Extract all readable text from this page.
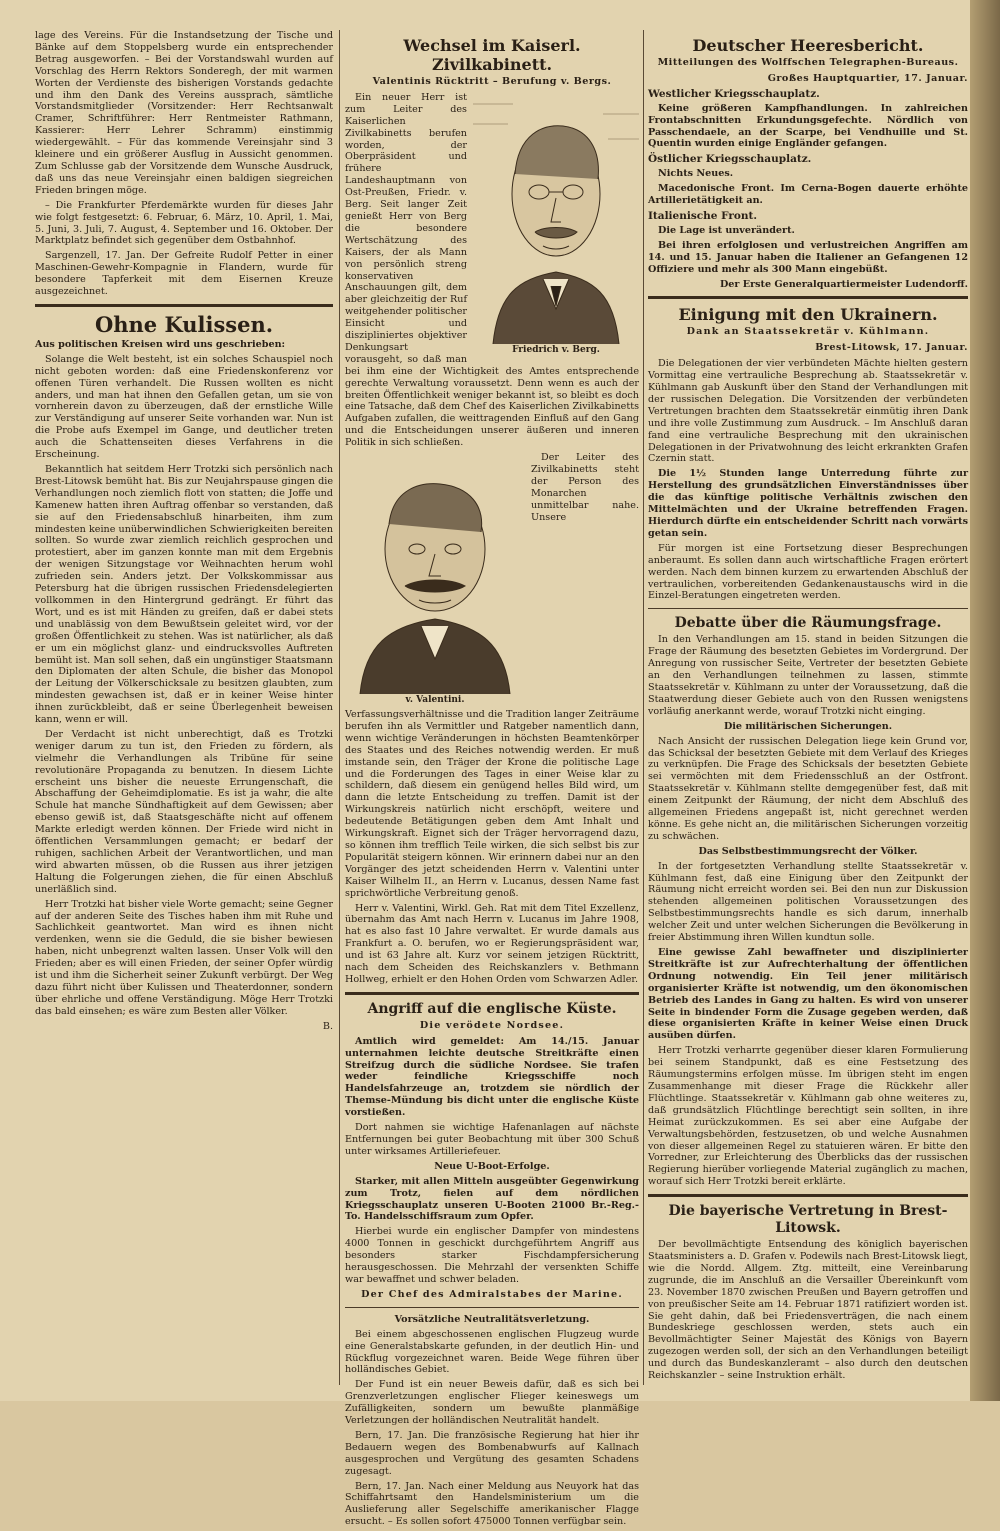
lage des Vereins. Für die Instandsetzung der Tische und Bänke auf dem Stoppelsberg wurde ein entsprechender Betrag ausgeworfen. – Bei der Vorstandswahl wurden auf Vorschlag des Herrn Rektors Sonderegh, der mit warmen Worten der Verdienste des bisherigen Vorstands gedachte und ihm den Dank des Vereins aussprach, sämtliche Vorstandsmitglieder (Vorsitzender: Herr Rechtsanwalt Cramer, Schriftführer: Herr Rentmeister Rathmann, Kassierer: Herr Lehrer Schramm) einstimmig wiedergewählt. – Für das kommende Vereinsjahr sind 3 kleinere und ein größerer Ausflug in Aussicht genommen. Zum Schlusse gab der Vorsitzende dem Wunsche Ausdruck, daß uns das neue Vereinsjahr einen baldigen siegreichen Frieden bringen möge.

– Die Frankfurter Pferdemärkte wurden für dieses Jahr wie folgt festgesetzt: 6. Februar, 6. März, 10. April, 1. Mai, 5. Juni, 3. Juli, 7. August, 4. September und 16. Oktober. Der Marktplatz befindet sich gegenüber dem Ostbahnhof.

Sargenzell, 17. Jan. Der Gefreite Rudolf Petter in einer Maschinen-Gewehr-Kompagnie in Flandern, wurde für besondere Tapferkeit mit dem Eisernen Kreuze ausgezeichnet.

Ohne Kulissen.

Aus politischen Kreisen wird uns geschrieben:

Solange die Welt besteht, ist ein solches Schauspiel noch nicht geboten worden: daß eine Friedenskonferenz vor offenen Türen verhandelt. Die Russen wollten es nicht anders, und man hat ihnen den Gefallen getan, um sie von vornherein davon zu überzeugen, daß der ernstliche Wille zur Verständigung auf unserer Seite vorhanden war. Nun ist die Probe aufs Exempel im Gange, und deutlicher treten auch die Schattenseiten dieses Verfahrens in die Erscheinung.

Bekanntlich hat seitdem Herr Trotzki sich persönlich nach Brest-Litowsk bemüht hat. Bis zur Neujahrspause gingen die Verhandlungen noch ziemlich flott von statten; die Joffe und Kamenew hatten ihren Auftrag offenbar so verstanden, daß sie auf den Friedensabschluß hinarbeiten, ihm zum mindesten keine unüberwindlichen Schwierigkeiten bereiten sollten. So wurde zwar ziemlich reichlich gesprochen und protestiert, aber im ganzen konnte man mit dem Ergebnis der wenigen Sitzungstage vor Weihnachten herum wohl zufrieden sein. Anders jetzt. Der Volkskommissar aus Petersburg hat die übrigen russischen Friedensdelegierten vollkommen in den Hintergrund gedrängt. Er führt das Wort, und es ist mit Händen zu greifen, daß er dabei stets und unablässig von dem Bewußtsein geleitet wird, vor der großen Öffentlichkeit zu stehen. Was ist natürlicher, als daß er um ein möglichst glanz- und eindrucksvolles Auftreten bemüht ist. Man soll sehen, daß ein ungünstiger Staatsmann den Diplomaten der alten Schule, die bisher das Monopol der Leitung der Völkerschicksale zu besitzen glaubten, zum mindesten gewachsen ist, daß er in keiner Weise hinter ihnen zurückbleibt, daß er seine Überlegenheit beweisen kann, wenn er will.

Der Verdacht ist nicht unberechtigt, daß es Trotzki weniger darum zu tun ist, den Frieden zu fördern, als vielmehr die Verhandlungen als Tribüne für seine revolutionäre Propaganda zu benutzen. In diesem Lichte erscheint uns bisher die neueste Errungenschaft, die Abschaffung der Geheimdiplomatie. Es ist ja wahr, die alte Schule hat manche Sündhaftigkeit auf dem Gewissen; aber ebenso gewiß ist, daß Staatsgeschäfte nicht auf offenem Markte erledigt werden können. Der Friede wird nicht in öffentlichen Versammlungen gemacht; er bedarf der ruhigen, sachlichen Arbeit der Verantwortlichen, und man wird abwarten müssen, ob die Russen aus ihrer jetzigen Haltung die Folgerungen ziehen, die für einen Abschluß unerläßlich sind.

Herr Trotzki hat bisher viele Worte gemacht; seine Gegner auf der anderen Seite des Tisches haben ihm mit Ruhe und Sachlichkeit geantwortet. Man wird es ihnen nicht verdenken, wenn sie die Geduld, die sie bisher bewiesen haben, nicht unbegrenzt walten lassen. Unser Volk will den Frieden; aber es will einen Frieden, der seiner Opfer würdig ist und ihm die Sicherheit seiner Zukunft verbürgt. Der Weg dazu führt nicht über Kulissen und Theaterdonner, sondern über ehrliche und offene Verständigung. Möge Herr Trotzki das bald einsehen; es wäre zum Besten aller Völker.

B.
Wechsel im Kaiserl. Zivilkabinett.
Valentinis Rücktritt – Berufung v. Bergs.
Friedrich v. Berg.

Ein neuer Herr ist zum Leiter des Kaiserlichen Zivilkabinetts berufen worden, der Oberpräsident und frühere Landeshauptmann von Ost-Preußen, Friedr. v. Berg. Seit langer Zeit genießt Herr von Berg die besondere Wertschätzung des Kaisers, der als Mann von persönlich streng konservativen Anschauungen gilt, dem aber gleichzeitig der Ruf weitgehender politischer Einsicht und diszipliniertes objektiver Denkungsart vorausgeht, so daß man bei ihm eine der Wichtigkeit des Amtes entsprechende gerechte Verwaltung voraussetzt. Denn wenn es auch der breiten Öffentlichkeit weniger bekannt ist, so bleibt es doch eine Tatsache, daß dem Chef des Kaiserlichen Zivilkabinetts Aufgaben zufallen, die weittragenden Einfluß auf den Gang und die Entscheidungen unserer äußeren und inneren Politik in sich schließen.

v. Valentini.

Der Leiter des Zivilkabinetts steht der Person des Monarchen unmittelbar nahe. Unsere Verfassungsverhältnisse und die Tradition langer Zeiträume berufen ihn als Vermittler und Ratgeber namentlich dann, wenn wichtige Veränderungen in höchsten Beamtenkörper des Staates und des Reiches notwendig werden. Er muß imstande sein, den Träger der Krone die politische Lage und die Forderungen des Tages in einer Weise klar zu schildern, daß diesem ein genügend helles Bild wird, um dann die letzte Entscheidung zu treffen. Damit ist der Wirkungskreis natürlich nicht erschöpft, weitere und bedeutende Betätigungen geben dem Amt Inhalt und Wirkungskraft. Eignet sich der Träger hervorragend dazu, so können ihm trefflich Teile wirken, die sich selbst bis zur Popularität steigern können. Wir erinnern dabei nur an den Vorgänger des jetzt scheidenden Herrn v. Valentini unter Kaiser Wilhelm II., an Herrn v. Lucanus, dessen Name fast sprichwörtliche Verbreitung genoß.

Herr v. Valentini, Wirkl. Geh. Rat mit dem Titel Exzellenz, übernahm das Amt nach Herrn v. Lucanus im Jahre 1908, hat es also fast 10 Jahre verwaltet. Er wurde damals aus Frankfurt a. O. berufen, wo er Regierungspräsident war, und ist 63 Jahre alt. Kurz vor seinem jetzigen Rücktritt, nach dem Scheiden des Reichskanzlers v. Bethmann Hollweg, erhielt er den Hohen Orden vom Schwarzen Adler.

Angriff auf die englische Küste.
Die verödete Nordsee.

Amtlich wird gemeldet: Am 14./15. Januar unternahmen leichte deutsche Streitkräfte einen Streifzug durch die südliche Nordsee. Sie trafen weder feindliche Kriegsschiffe noch Handelsfahrzeuge an, trotzdem sie nördlich der Themse-Mündung bis dicht unter die englische Küste vorstießen.

Dort nahmen sie wichtige Hafenanlagen auf nächste Entfernungen bei guter Beobachtung mit über 300 Schuß unter wirksames Artilleriefeuer.

Neue U-Boot-Erfolge.

Starker, mit allen Mitteln ausgeübter Gegenwirkung zum Trotz, fielen auf dem nördlichen Kriegsschauplatz unseren U-Booten 21000 Br.-Reg.-To. Handelsschiffsraum zum Opfer.

Hierbei wurde ein englischer Dampfer von mindestens 4000 Tonnen in geschickt durchgeführtem Angriff aus besonders starker Fischdampfersicherung herausgeschossen. Die Mehrzahl der versenkten Schiffe war bewaffnet und schwer beladen.

Der Chef des Admiralstabes der Marine.
Vorsätzliche Neutralitätsverletzung.

Bei einem abgeschossenen englischen Flugzeug wurde eine Generalstabskarte gefunden, in der deutlich Hin- und Rückflug vorgezeichnet waren. Beide Wege führen über holländisches Gebiet.

Der Fund ist ein neuer Beweis dafür, daß es sich bei Grenzverletzungen englischer Flieger keineswegs um Zufälligkeiten, sondern um bewußte planmäßige Verletzungen der holländischen Neutralität handelt.

Bern, 17. Jan. Die französische Regierung hat hier ihr Bedauern wegen des Bombenabwurfs auf Kallnach ausgesprochen und Vergütung des gesamten Schadens zugesagt.

Bern, 17. Jan. Nach einer Meldung aus Neuyork hat das Schiffahrtsamt den Handelsministerium um die Auslieferung aller Segelschiffe amerikanischer Flagge ersucht. – Es sollen sofort 475000 Tonnen verfügbar sein.

Deutscher Heeresbericht.
Mitteilungen des Wolffschen Telegraphen-Bureaus.
Großes Hauptquartier, 17. Januar.
Westlicher Kriegsschauplatz.

Keine größeren Kampfhandlungen. In zahlreichen Frontabschnitten Erkundungsgefechte. Nördlich von Passchendaele, an der Scarpe, bei Vendhuille und St. Quentin wurden einige Engländer gefangen.

Östlicher Kriegsschauplatz.

Nichts Neues.

Macedonische Front. Im Cerna-Bogen dauerte erhöhte Artillerietätigkeit an.

Italienische Front.

Die Lage ist unverändert.

Bei ihren erfolglosen und verlustreichen Angriffen am 14. und 15. Januar haben die Italiener an Gefangenen 12 Offiziere und mehr als 300 Mann eingebüßt.

Der Erste Generalquartiermeister Ludendorff.
Einigung mit den Ukrainern.
Dank an Staatssekretär v. Kühlmann.
Brest-Litowsk, 17. Januar.

Die Delegationen der vier verbündeten Mächte hielten gestern Vormittag eine vertrauliche Besprechung ab. Staatssekretär v. Kühlmann gab Auskunft über den Stand der Verhandlungen mit der russischen Delegation. Die Vorsitzenden der verbündeten Vertretungen brachten dem Staatssekretär einmütig ihren Dank und ihre volle Zustimmung zum Ausdruck. – Im Anschluß daran fand eine vertrauliche Besprechung mit den ukrainischen Delegationen in der Privatwohnung des leicht erkrankten Grafen Czernin statt.

Die 1½ Stunden lange Unterredung führte zur Herstellung des grundsätzlichen Einverständnisses über die das künftige politische Verhältnis zwischen den Mittelmächten und der Ukraine betreffenden Fragen. Hierdurch dürfte ein entscheidender Schritt nach vorwärts getan sein.

Für morgen ist eine Fortsetzung dieser Besprechungen anberaumt. Es sollen dann auch wirtschaftliche Fragen erörtert werden. Nach dem binnen kurzem zu erwartenden Abschluß der vertraulichen, vorbereitenden Gedankenaustauschs wird in die Einzel-Beratungen eingetreten werden.

Debatte über die Räumungsfrage.

In den Verhandlungen am 15. stand in beiden Sitzungen die Frage der Räumung des besetzten Gebietes im Vordergrund. Der Anregung von russischer Seite, Vertreter der besetzten Gebiete an den Verhandlungen teilnehmen zu lassen, stimmte Staatssekretär v. Kühlmann zu unter der Voraussetzung, daß die Staatwerdung dieser Gebiete auch von den Russen wenigstens vorläufig anerkannt werde, worauf Trotzki nicht einging.

Die militärischen Sicherungen.

Nach Ansicht der russischen Delegation liege kein Grund vor, das Schicksal der besetzten Gebiete mit dem Verlauf des Krieges zu verknüpfen. Die Frage des Schicksals der besetzten Gebiete sei vermöchten mit dem Friedensschluß an der Ostfront. Staatssekretär v. Kühlmann stellte demgegenüber fest, daß mit einem Zeitpunkt der Räumung, der nicht dem Abschluß des allgemeinen Friedens angepaßt ist, nicht gerechnet werden könne. Es gehe nicht an, die militärischen Sicherungen vorzeitig zu schwächen.

Das Selbstbestimmungsrecht der Völker.

In der fortgesetzten Verhandlung stellte Staatssekretär v. Kühlmann fest, daß eine Einigung über den Zeitpunkt der Räumung nicht erreicht worden sei. Bei den nun zur Diskussion stehenden allgemeinen politischen Voraussetzungen des Selbstbestimmungsrechts handle es sich darum, innerhalb welcher Zeit und unter welchen Sicherungen die Bevölkerung in freier Abstimmung ihren Willen kundtun solle.

Eine gewisse Zahl bewaffneter und disziplinierter Streitkräfte ist zur Aufrechterhaltung der öffentlichen Ordnung notwendig. Ein Teil jener militärisch organisierter Kräfte ist notwendig, um den ökonomischen Betrieb des Landes in Gang zu halten. Es wird von unserer Seite in bindender Form die Zusage gegeben werden, daß diese organisierten Kräfte in keiner Weise einen Druck ausüben dürfen.

Herr Trotzki verharrte gegenüber dieser klaren Formulierung bei seinem Standpunkt, daß es eine Festsetzung des Räumungstermins erfolgen müsse. Im übrigen steht im engen Zusammenhange mit dieser Frage die Rückkehr aller Flüchtlinge. Staatssekretär v. Kühlmann gab ohne weiteres zu, daß grundsätzlich Flüchtlinge berechtigt sein sollten, in ihre Heimat zurückzukommen. Es sei aber eine Aufgabe der Verwaltungsbehörden, festzusetzen, ob und welche Ausnahmen von dieser allgemeinen Regel zu statuieren wären. Er bitte den Vorredner, zur Erleichterung des Überblicks das der russischen Regierung hierüber vorliegende Material zugänglich zu machen, worauf sich Herr Trotzki bereit erklärte.

Die bayerische Vertretung in Brest-Litowsk.

Der bevollmächtigte Entsendung des königlich bayerischen Staatsministers a. D. Grafen v. Podewils nach Brest-Litowsk liegt, wie die Nordd. Allgem. Ztg. mitteilt, eine Vereinbarung zugrunde, die im Anschluß an die Versailler Übereinkunft vom 23. November 1870 zwischen Preußen und Bayern getroffen und von preußischer Seite am 14. Februar 1871 ratifiziert worden ist. Sie geht dahin, daß bei Friedensverträgen, die nach einem Bundeskriege geschlossen werden, stets auch ein Bevollmächtigter Seiner Majestät des Königs von Bayern zugezogen werden soll, der sich an den Verhandlungen beteiligt und durch das Bundeskanzleramt – also durch den deutschen Reichskanzler – seine Instruktion erhält.
